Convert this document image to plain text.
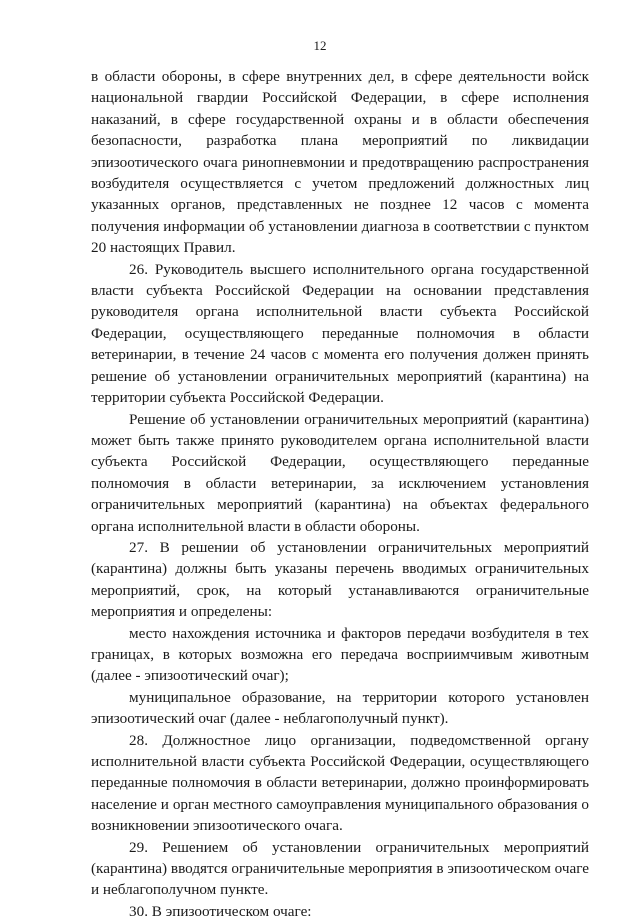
12

в области обороны, в сфере внутренних дел, в сфере деятельности войск национальной гвардии Российской Федерации, в сфере исполнения наказаний, в сфере государственной охраны и в области обеспечения безопасности, разработка плана мероприятий по ликвидации эпизоотического очага ринопневмонии и предотвращению распространения возбудителя осуществляется с учетом предложений должностных лиц указанных органов, представленных не позднее 12 часов с момента получения информации об установлении диагноза в соответствии с пунктом 20 настоящих Правил.

26. Руководитель высшего исполнительного органа государственной власти субъекта Российской Федерации на основании представления руководителя органа исполнительной власти субъекта Российской Федерации, осуществляющего переданные полномочия в области ветеринарии, в течение 24 часов с момента его получения должен принять решение об установлении ограничительных мероприятий (карантина) на территории субъекта Российской Федерации.

Решение об установлении ограничительных мероприятий (карантина) может быть также принято руководителем органа исполнительной власти субъекта Российской Федерации, осуществляющего переданные полномочия в области ветеринарии, за исключением установления ограничительных мероприятий (карантина) на объектах федерального органа исполнительной власти в области обороны.

27. В решении об установлении ограничительных мероприятий (карантина) должны быть указаны перечень вводимых ограничительных мероприятий, срок, на который устанавливаются ограничительные мероприятия и определены:

место нахождения источника и факторов передачи возбудителя в тех границах, в которых возможна его передача восприимчивым животным (далее - эпизоотический очаг);

муниципальное образование, на территории которого установлен эпизоотический очаг (далее - неблагополучный пункт).

28. Должностное лицо организации, подведомственной органу исполнительной власти субъекта Российской Федерации, осуществляющего переданные полномочия в области ветеринарии, должно проинформировать население и орган местного самоуправления муниципального образования о возникновении эпизоотического очага.

29. Решением об установлении ограничительных мероприятий (карантина) вводятся ограничительные мероприятия в эпизоотическом очаге и неблагополучном пункте.

30. В эпизоотическом очаге:
